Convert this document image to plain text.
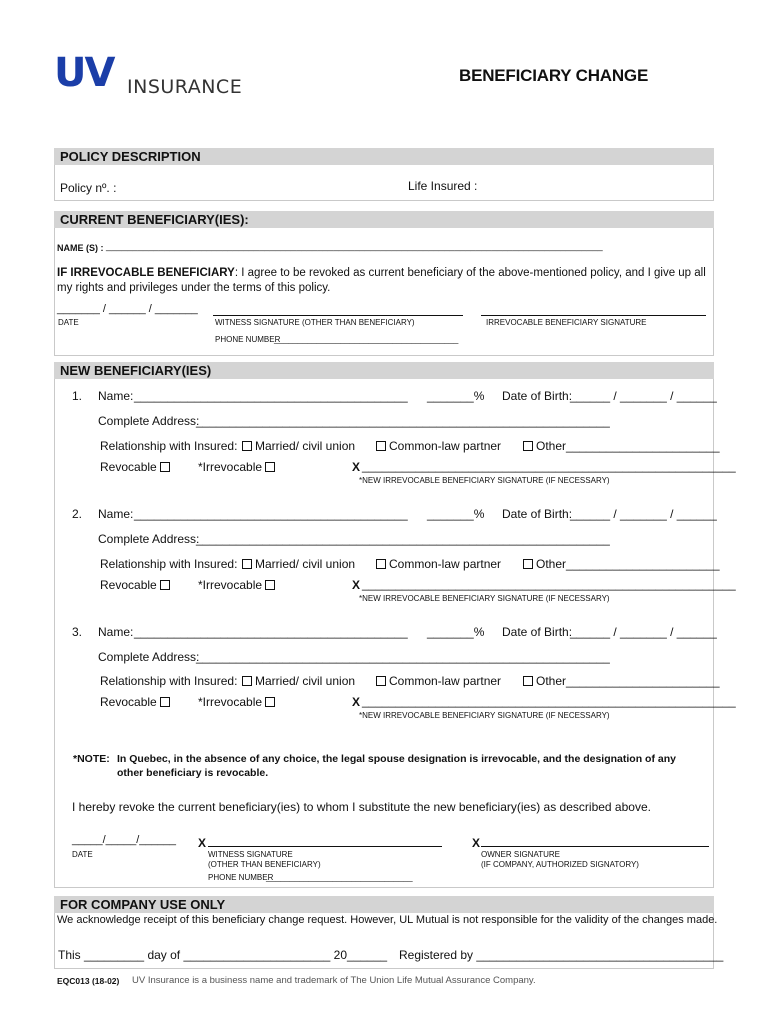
UV INSURANCE
BENEFICIARY CHANGE
POLICY DESCRIPTION
Policy nº. :	Life Insured :
CURRENT BENEFICIARY(IES):
NAME (S) : ______________________________________________________________________________________________
IF IRREVOCABLE BENEFICIARY: I agree to be revoked as current beneficiary of the above-mentioned policy, and I give up all my rights and privileges under the terms of this policy.
_______ / ______ / _______
DATE	WITNESS SIGNATURE (OTHER THAN BENEFICIARY)	IRREVOCABLE BENEFICIARY SIGNATURE
PHONE NUMBER
_______________________________________
NEW BENEFICIARY(IES)
1. Name: _________________________________________ _______% Date of Birth:
______ / _______ / ______
Complete Address:
______________________________________________________________
Relationship with Insured:	Married/ civil union	Common-law partner	Other_______________________
Revocable	*Irrevocable	X ________________________________________________________
*NEW IRREVOCABLE BENEFICIARY SIGNATURE (IF NECESSARY)
2. Name: _________________________________________ _______% Date of Birth:
______ / _______ / ______
Complete Address:
______________________________________________________________
Relationship with Insured:	Married/ civil union	Common-law partner	Other_______________________
Revocable	*Irrevocable	X ________________________________________________________
*NEW IRREVOCABLE BENEFICIARY SIGNATURE (IF NECESSARY)
3. Name: _________________________________________ _______% Date of Birth:
______ / _______ / ______
Complete Address:
______________________________________________________________
Relationship with Insured:	Married/ civil union	Common-law partner	Other_______________________
Revocable	*Irrevocable	X ________________________________________________________
*NEW IRREVOCABLE BENEFICIARY SIGNATURE (IF NECESSARY)
*NOTE: In Quebec, in the absence of any choice, the legal spouse designation is irrevocable, and the designation of any other beneficiary is revocable.
I hereby revoke the current beneficiary(ies) to whom I substitute the new beneficiary(ies) as described above.
_____/_____/______
DATE
X
WITNESS SIGNATURE
(OTHER THAN BENEFICIARY)
X
OWNER SIGNATURE
(IF COMPANY, AUTHORIZED SIGNATORY)
PHONE NUMBER
_______________________________
FOR COMPANY USE ONLY
We acknowledge receipt of this beneficiary change request. However, UL Mutual is not responsible for the validity of the changes made.
This _________ day of ______________________ 20______ Registered by _____________________________________
EQC013 (18-02) UV Insurance is a business name and trademark of The Union Life Mutual Assurance Company.
